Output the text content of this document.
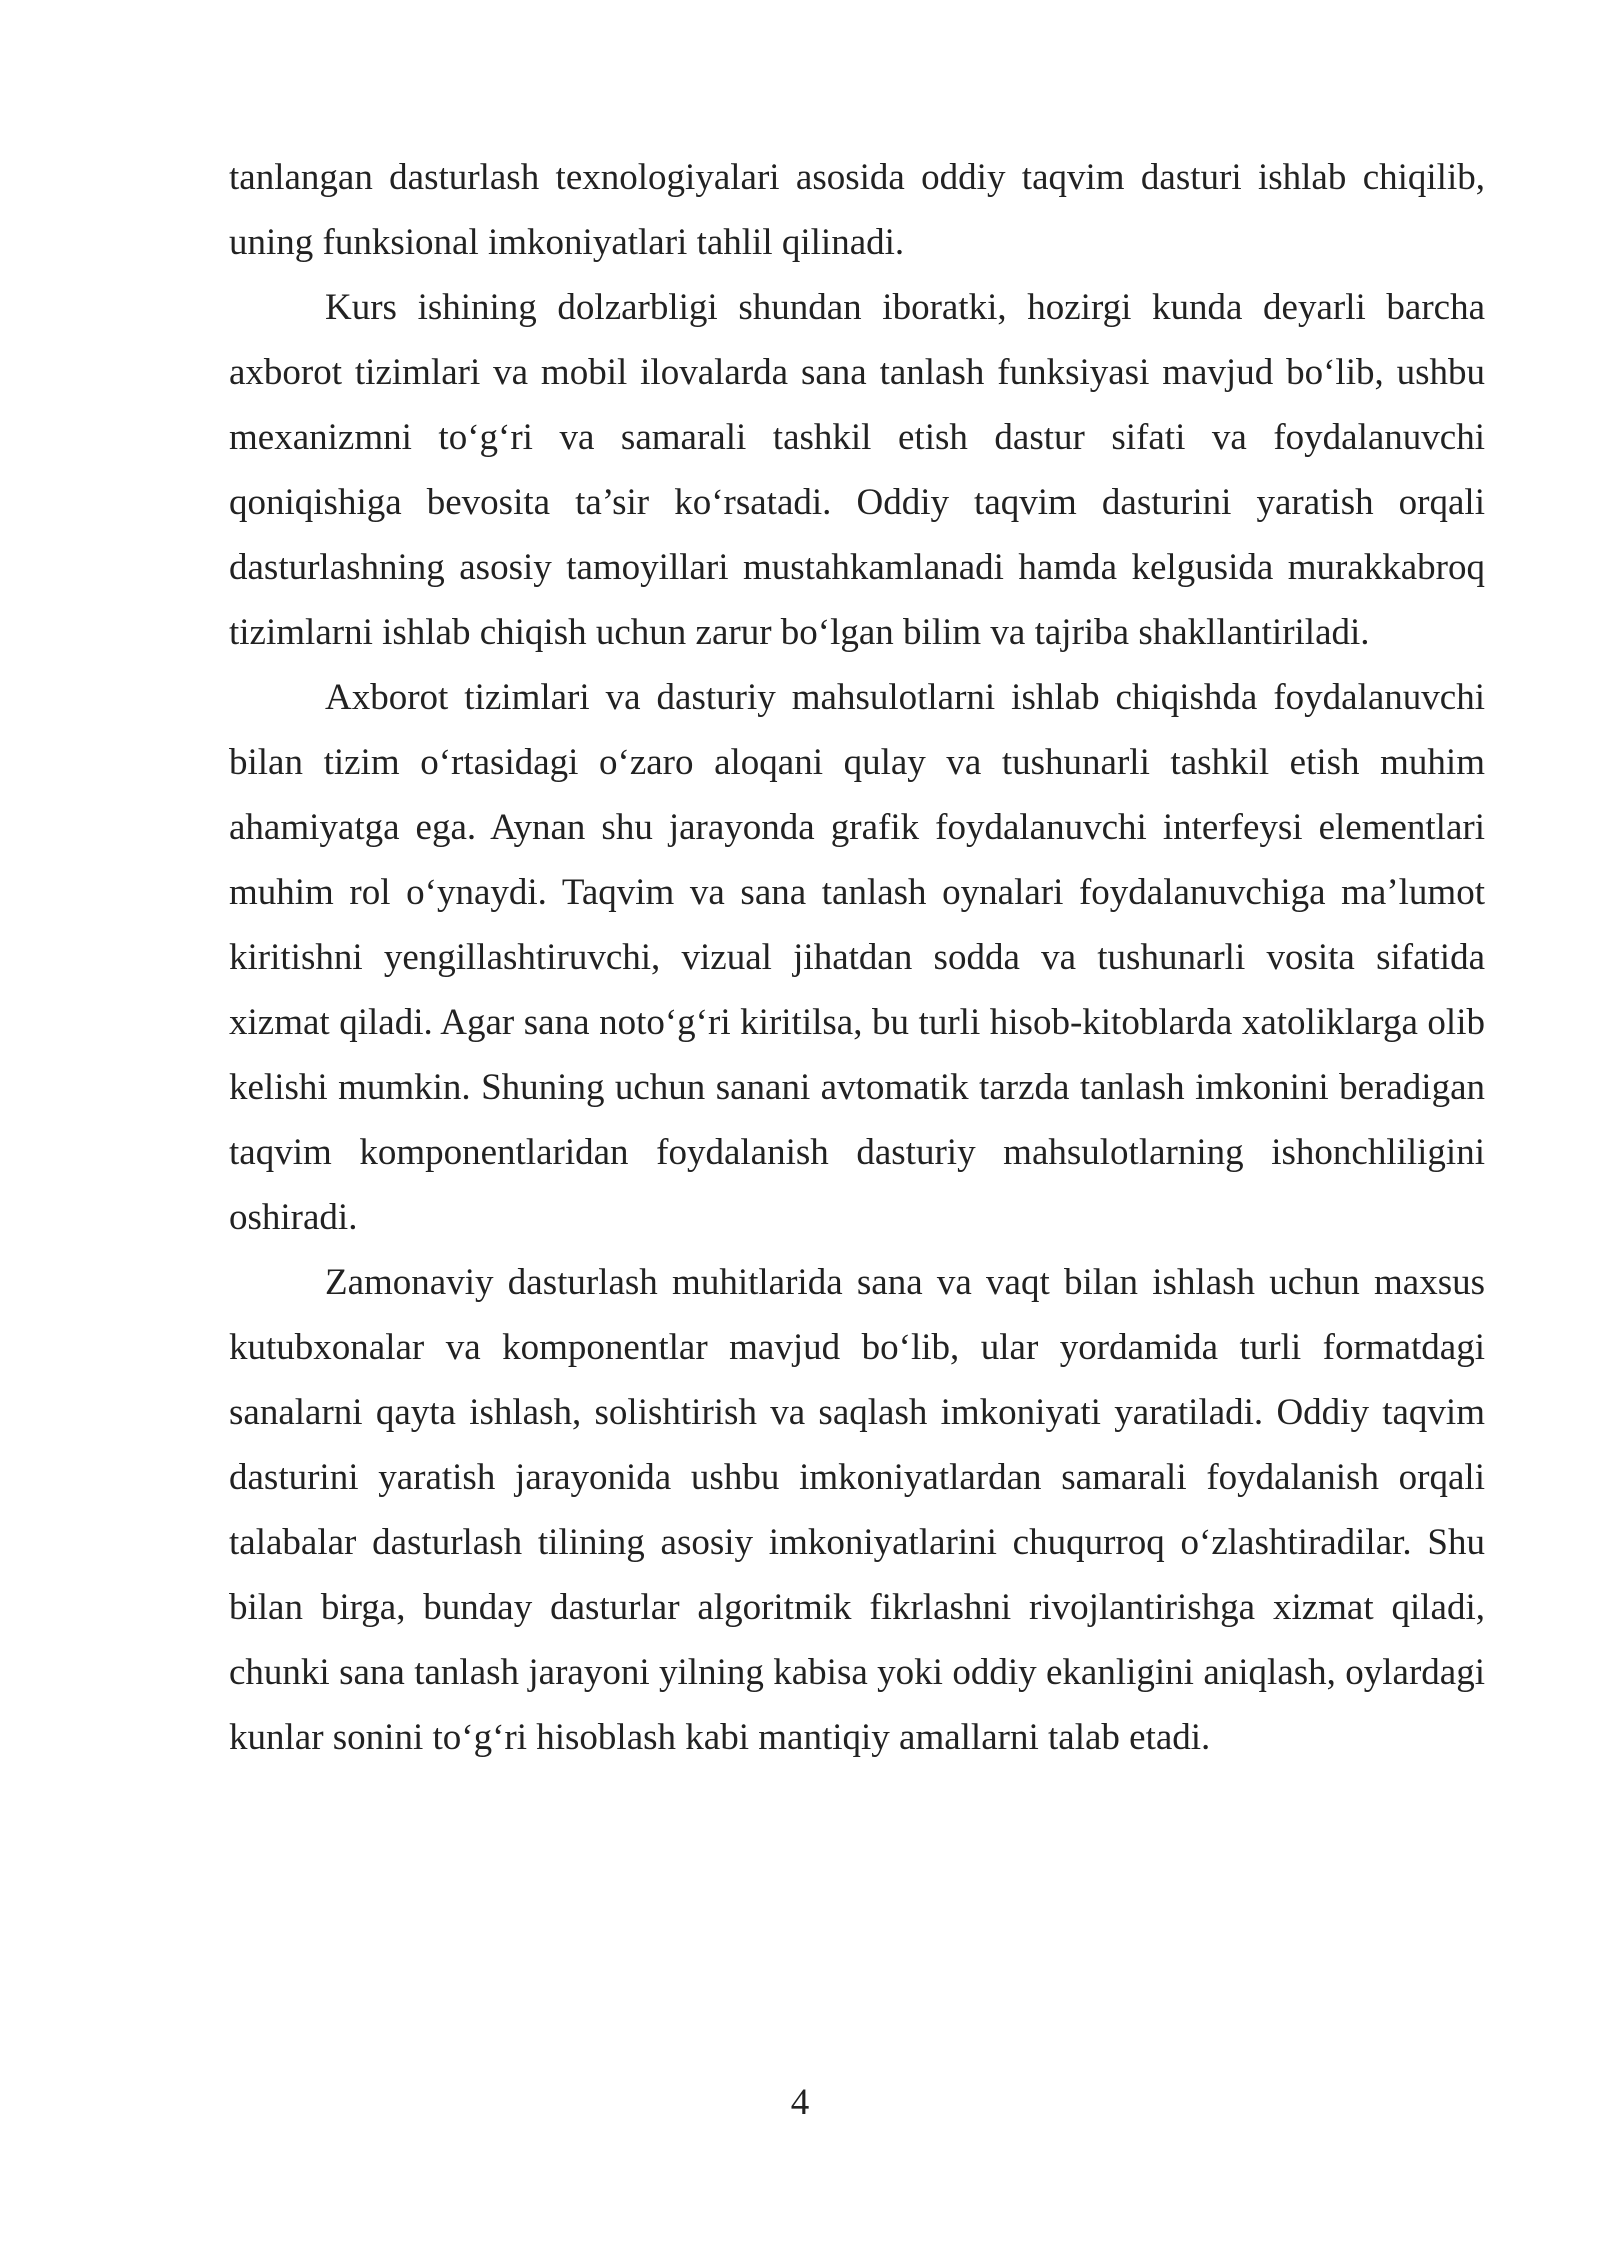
tanlangan dasturlash texnologiyalari asosida oddiy taqvim dasturi ishlab chiqilib, uning funksional imkoniyatlari tahlil qilinadi.

Kurs ishining dolzarbligi shundan iboratki, hozirgi kunda deyarli barcha axborot tizimlari va mobil ilovalarda sana tanlash funksiyasi mavjud bo‘lib, ushbu mexanizmni to‘g‘ri va samarali tashkil etish dastur sifati va foydalanuvchi qoniqishiga bevosita ta’sir ko‘rsatadi. Oddiy taqvim dasturini yaratish orqali dasturlashning asosiy tamoyillari mustahkamlanadi hamda kelgusida murakkabroq tizimlarni ishlab chiqish uchun zarur bo‘lgan bilim va tajriba shakllantiriladi.

Axborot tizimlari va dasturiy mahsulotlarni ishlab chiqishda foydalanuvchi bilan tizim o‘rtasidagi o‘zaro aloqani qulay va tushunarli tashkil etish muhim ahamiyatga ega. Aynan shu jarayonda grafik foydalanuvchi interfeysi elementlari muhim rol o‘ynaydi. Taqvim va sana tanlash oynalari foydalanuvchiga ma’lumot kiritishni yengillashtiruvchi, vizual jihatdan sodda va tushunarli vosita sifatida xizmat qiladi. Agar sana noto‘g‘ri kiritilsa, bu turli hisob-kitoblarda xatoliklarga olib kelishi mumkin. Shuning uchun sanani avtomatik tarzda tanlash imkonini beradigan taqvim komponentlaridan foydalanish dasturiy mahsulotlarning ishonchliligini oshiradi.

Zamonaviy dasturlash muhitlarida sana va vaqt bilan ishlash uchun maxsus kutubxonalar va komponentlar mavjud bo‘lib, ular yordamida turli formatdagi sanalarni qayta ishlash, solishtirish va saqlash imkoniyati yaratiladi. Oddiy taqvim dasturini yaratish jarayonida ushbu imkoniyatlardan samarali foydalanish orqali talabalar dasturlash tilining asosiy imkoniyatlarini chuqurroq o‘zlashtiradilar. Shu bilan birga, bunday dasturlar algoritmik fikrlashni rivojlantirishga xizmat qiladi, chunki sana tanlash jarayoni yilning kabisa yoki oddiy ekanligini aniqlash, oylardagi kunlar sonini to‘g‘ri hisoblash kabi mantiqiy amallarni talab etadi.

4
